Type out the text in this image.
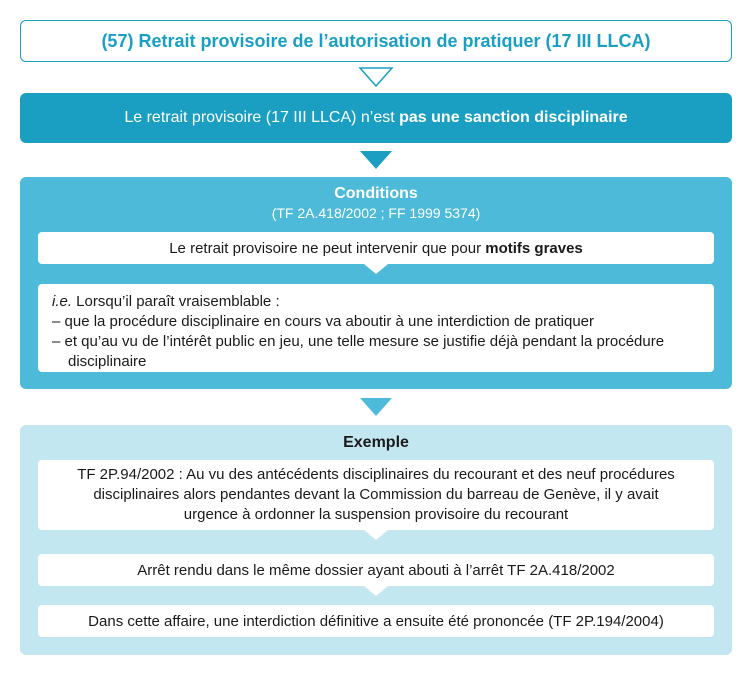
(57) Retrait provisoire de l’autorisation de pratiquer (17 III LLCA)
Le retrait provisoire (17 III LLCA) n’est pas une sanction disciplinaire
Conditions
(TF 2A.418/2002 ; FF 1999 5374)
Le retrait provisoire ne peut intervenir que pour motifs graves
i.e. Lorsqu’il paraît vraisemblable :
– que la procédure disciplinaire en cours va aboutir à une interdiction de pratiquer
– et qu’au vu de l’intérêt public en jeu, une telle mesure se justifie déjà pendant la procédure
disciplinaire
Exemple
TF 2P.94/2002 : Au vu des antécédents disciplinaires du recourant et des neuf procédures
disciplinaires alors pendantes devant la Commission du barreau de Genève, il y avait
urgence à ordonner la suspension provisoire du recourant
Arrêt rendu dans le même dossier ayant abouti à l’arrêt TF 2A.418/2002
Dans cette affaire, une interdiction définitive a ensuite été prononcée (TF 2P.194/2004)
